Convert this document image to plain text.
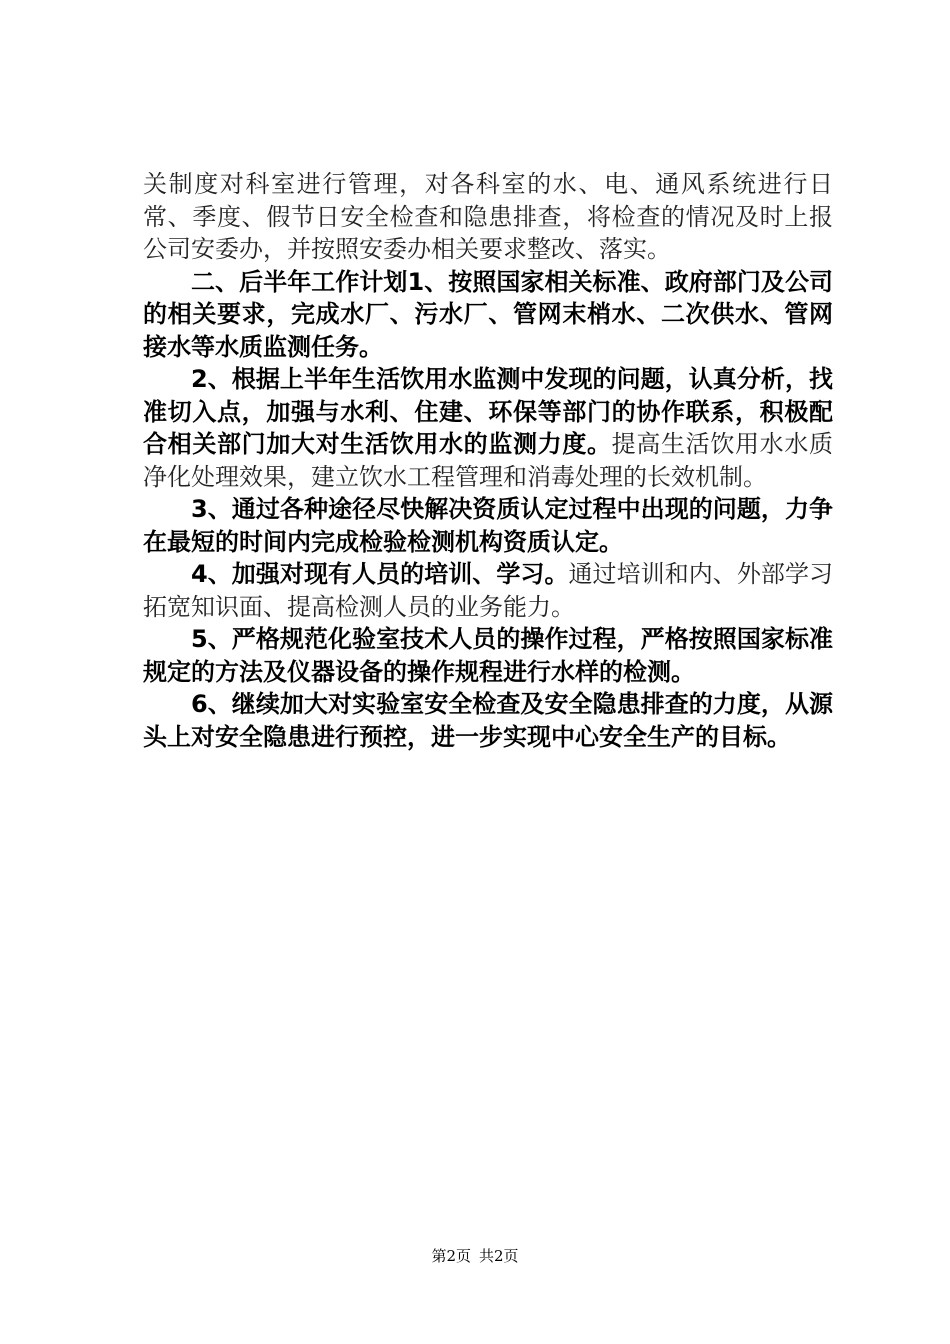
关制度对科室进行管理，对各科室的水、电、通风系统进行日常、季度、假节日安全检查和隐患排查，将检查的情况及时上报公司安委办，并按照安委办相关要求整改、落实。

二、后半年工作计划1、按照国家相关标准、政府部门及公司的相关要求，完成水厂、污水厂、管网末梢水、二次供水、管网接水等水质监测任务。

2、根据上半年生活饮用水监测中发现的问题，认真分析，找准切入点，加强与水利、住建、环保等部门的协作联系，积极配合相关部门加大对生活饮用水的监测力度。提高生活饮用水水质净化处理效果，建立饮水工程管理和消毒处理的长效机制。

3、通过各种途径尽快解决资质认定过程中出现的问题，力争在最短的时间内完成检验检测机构资质认定。

4、加强对现有人员的培训、学习。通过培训和内、外部学习拓宽知识面、提高检测人员的业务能力。

5、严格规范化验室技术人员的操作过程，严格按照国家标准规定的方法及仪器设备的操作规程进行水样的检测。

6、继续加大对实验室安全检查及安全隐患排查的力度，从源头上对安全隐患进行预控，进一步实现中心安全生产的目标。

第2页 共2页
